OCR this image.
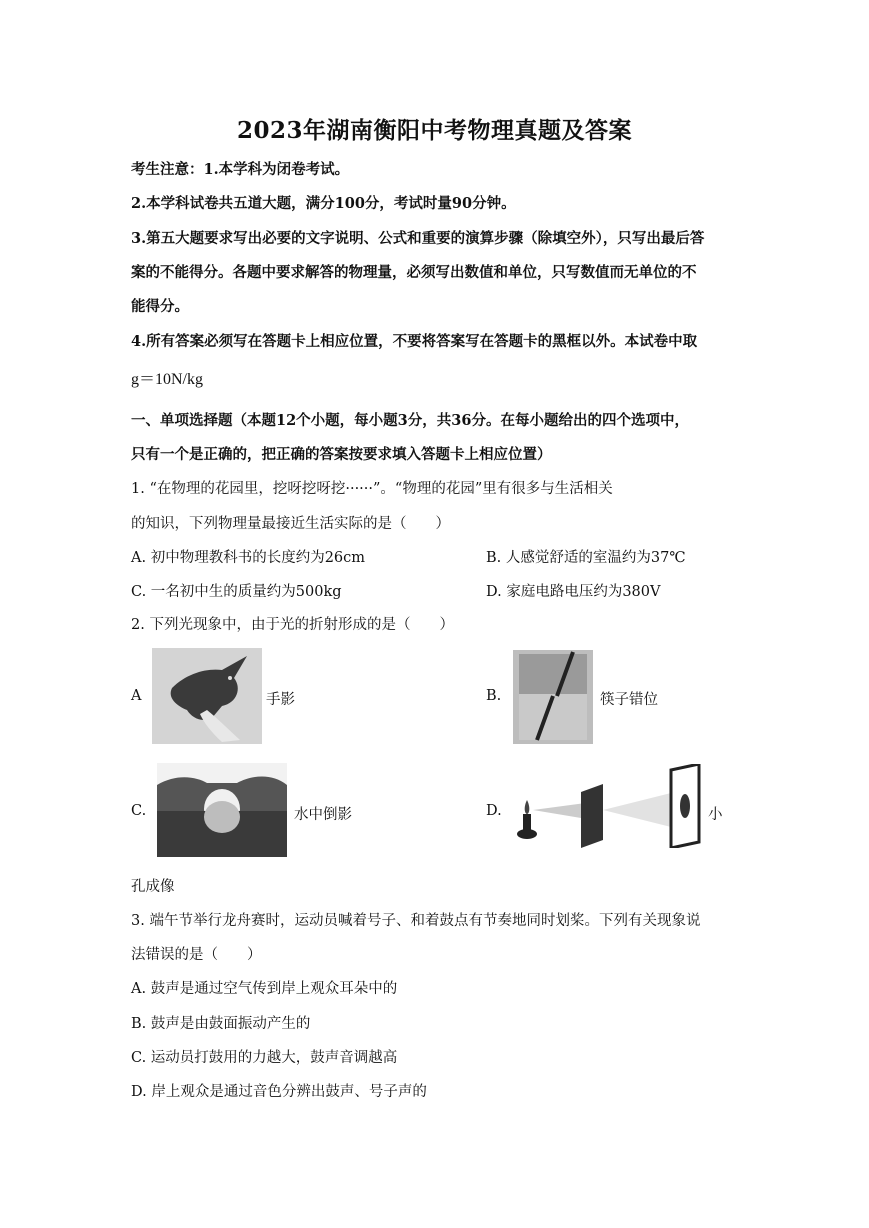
2023年湖南衡阳中考物理真题及答案
考生注意：1.本学科为闭卷考试。
2.本学科试卷共五道大题，满分100分，考试时量90分钟。
3.第五大题要求写出必要的文字说明、公式和重要的演算步骤（除填空外），只写出最后答
案的不能得分。各题中要求解答的物理量，必须写出数值和单位，只写数值而无单位的不
能得分。
4.所有答案必须写在答题卡上相应位置，不要将答案写在答题卡的黑框以外。本试卷中取
g＝10N/kg
一、单项选择题（本题12个小题，每小题3分，共36分。在每小题给出的四个选项中，
只有一个是正确的，把正确的答案按要求填入答题卡上相应位置）
1. “在物理的花园里，挖呀挖呀挖······”。“物理的花园”里有很多与生活相关
的知识，下列物理量最接近生活实际的是（　　）
A. 初中物理教科书的长度约为26cm	B. 人感觉舒适的室温约为37℃
C. 一名初中生的质量约为500kg	D. 家庭电路电压约为380V
2. 下列光现象中，由于光的折射形成的是（　　）
A	手影	B.	筷子错位
C.	水中倒影	D.	小
孔成像
3. 端午节举行龙舟赛时，运动员喊着号子、和着鼓点有节奏地同时划桨。下列有关现象说
法错误的是（　　）
A. 鼓声是通过空气传到岸上观众耳朵中的
B. 鼓声是由鼓面振动产生的
C. 运动员打鼓用的力越大，鼓声音调越高
D. 岸上观众是通过音色分辨出鼓声、号子声的
